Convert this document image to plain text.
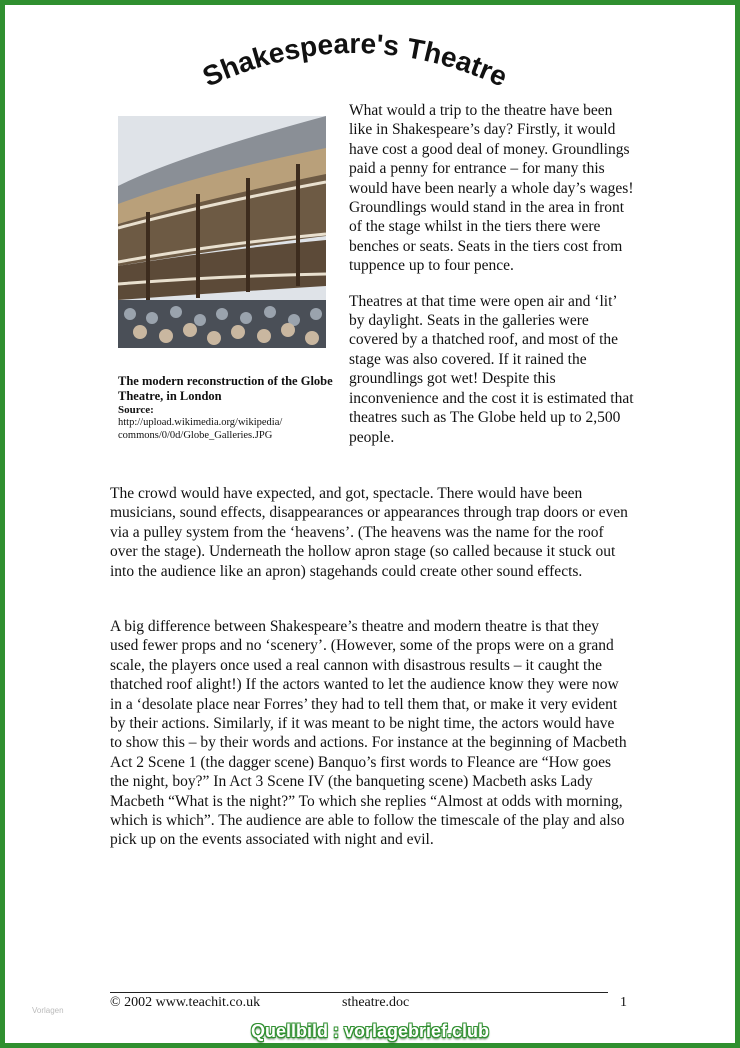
Shakespeare's Theatre
The modern reconstruction of the Globe Theatre, in London
Source:
http://upload.wikimedia.org/wikipedia/
commons/0/0d/Globe_Galleries.JPG

What would a trip to the theatre have been like in Shakespeare’s day? Firstly, it would have cost a good deal of money. Groundlings paid a penny for entrance – for many this would have been nearly a whole day’s wages! Groundlings would stand in the area in front of the stage whilst in the tiers there were benches or seats. Seats in the tiers cost from tuppence up to four pence.

Theatres at that time were open air and ‘lit’ by daylight. Seats in the galleries were covered by a thatched roof, and most of the stage was also covered. If it rained the groundlings got wet! Despite this inconvenience and the cost it is estimated that theatres such as The Globe held up to 2,500 people.

The crowd would have expected, and got, spectacle. There would have been musicians, sound effects, disappearances or appearances through trap doors or even via a pulley system from the ‘heavens’. (The heavens was the name for the roof over the stage). Underneath the hollow apron stage (so called because it stuck out into the audience like an apron) stagehands could create other sound effects.

A big difference between Shakespeare’s theatre and modern theatre is that they used fewer props and no ‘scenery’. (However, some of the props were on a grand scale, the players once used a real cannon with disastrous results – it caught the thatched roof alight!) If the actors wanted to let the audience know they were now in a ‘desolate place near Forres’ they had to tell them that, or make it very evident by their actions. Similarly, if it was meant to be night time, the actors would have to show this – by their words and actions. For instance at the beginning of Macbeth Act 2 Scene 1 (the dagger scene) Banquo’s first words to Fleance are “How goes the night, boy?” In Act 3 Scene IV (the banqueting scene) Macbeth asks Lady Macbeth “What is the night?” To which she replies “Almost at odds with morning, which is which”. The audience are able to follow the timescale of the play and also pick up on the events associated with night and evil.

© 2002 www.teachit.co.uk	stheatre.doc	1
Vorlagen
Quellbild : vorlagebrief.club
